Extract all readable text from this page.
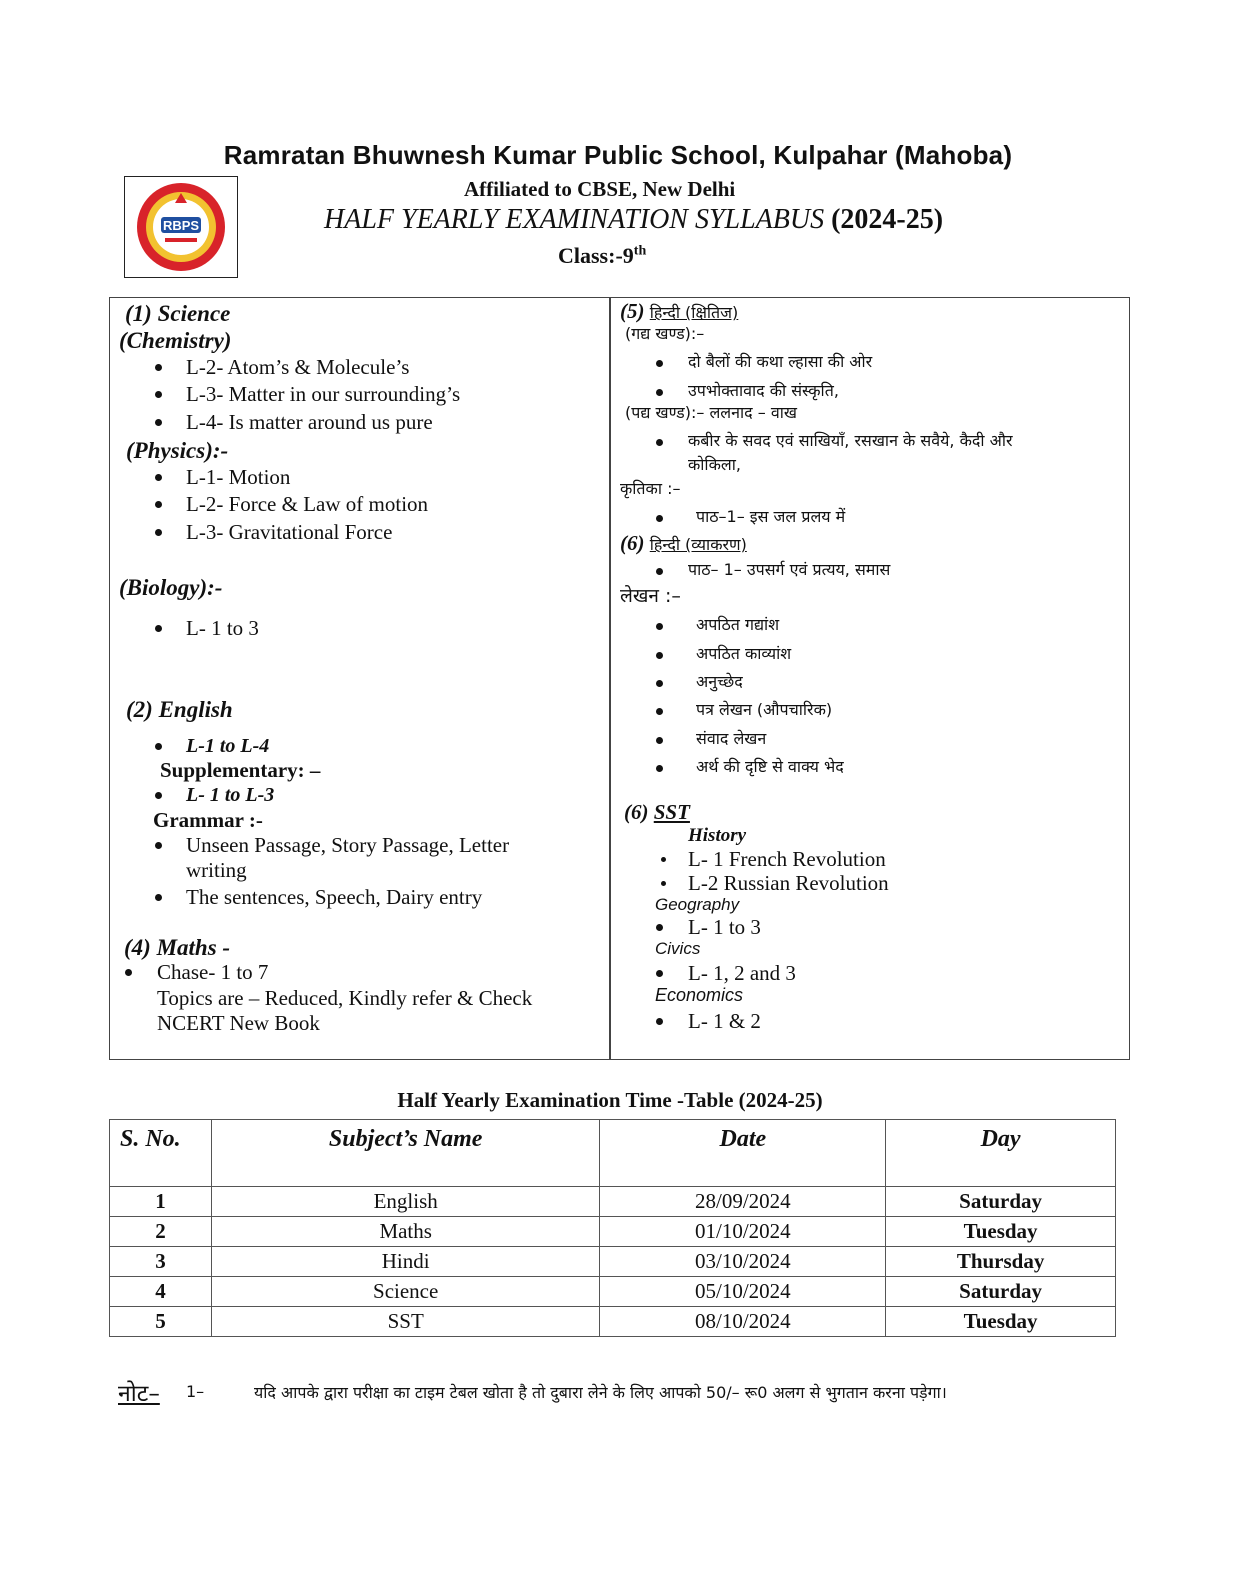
Ramratan Bhuwnesh Kumar Public School, Kulpahar (Mahoba)
RBPS
Affiliated to CBSE, New Delhi
HALF YEARLY EXAMINATION SYLLABUS (2024-25)
Class:-9th
(1) Science
(Chemistry)
L-2- Atom’s & Molecule’s
L-3- Matter in our surrounding’s
L-4- Is matter around us pure
(Physics):-
L-1- Motion
L-2- Force & Law of motion
L-3- Gravitational Force
(Biology):-
L- 1 to 3
(2) English
L-1 to L-4
Supplementary: –
L- 1 to L-3
Grammar :-
Unseen Passage, Story Passage, Letter
writing
The sentences, Speech, Dairy entry
(4) Maths -
Chase- 1 to 7
Topics are – Reduced, Kindly refer & Check
NCERT New Book
(5) हिन्दी (क्षितिज)
(गद्य खण्ड):–
दो बैलों की कथा ल्हासा की ओर
उपभोक्तावाद की संस्कृति,
(पद्य खण्ड):– ललनाद – वाख
कबीर के सवद एवं साखियाँ, रसखान के सवैये, कैदी और
कोकिला,
कृतिका :–
पाठ–1– इस जल प्रलय में
(6) हिन्दी (व्याकरण)
पाठ– 1– उपसर्ग एवं प्रत्यय, समास
लेखन :–
अपठित गद्यांश
अपठित काव्यांश
अनुच्छेद
पत्र लेखन (औपचारिक)
संवाद लेखन
अर्थ की दृष्टि से वाक्य भेद
(6) SST
History
L- 1 French Revolution
L-2 Russian Revolution
Geography
L- 1 to 3
Civics
L- 1, 2 and 3
Economics
L- 1 & 2
Half Yearly Examination Time -Table (2024-25)
S. No.	Subject’s Name	Date	Day
1	English	28/09/2024	Saturday
2	Maths	01/10/2024	Tuesday
3	Hindi	03/10/2024	Thursday
4	Science	05/10/2024	Saturday
5	SST	08/10/2024	Tuesday
नोट– 1–	यदि आपके द्वारा परीक्षा का टाइम टेबल खोता है तो दुबारा लेने के लिए आपको 50/– रू0 अलग से भुगतान करना पड़ेगा।
